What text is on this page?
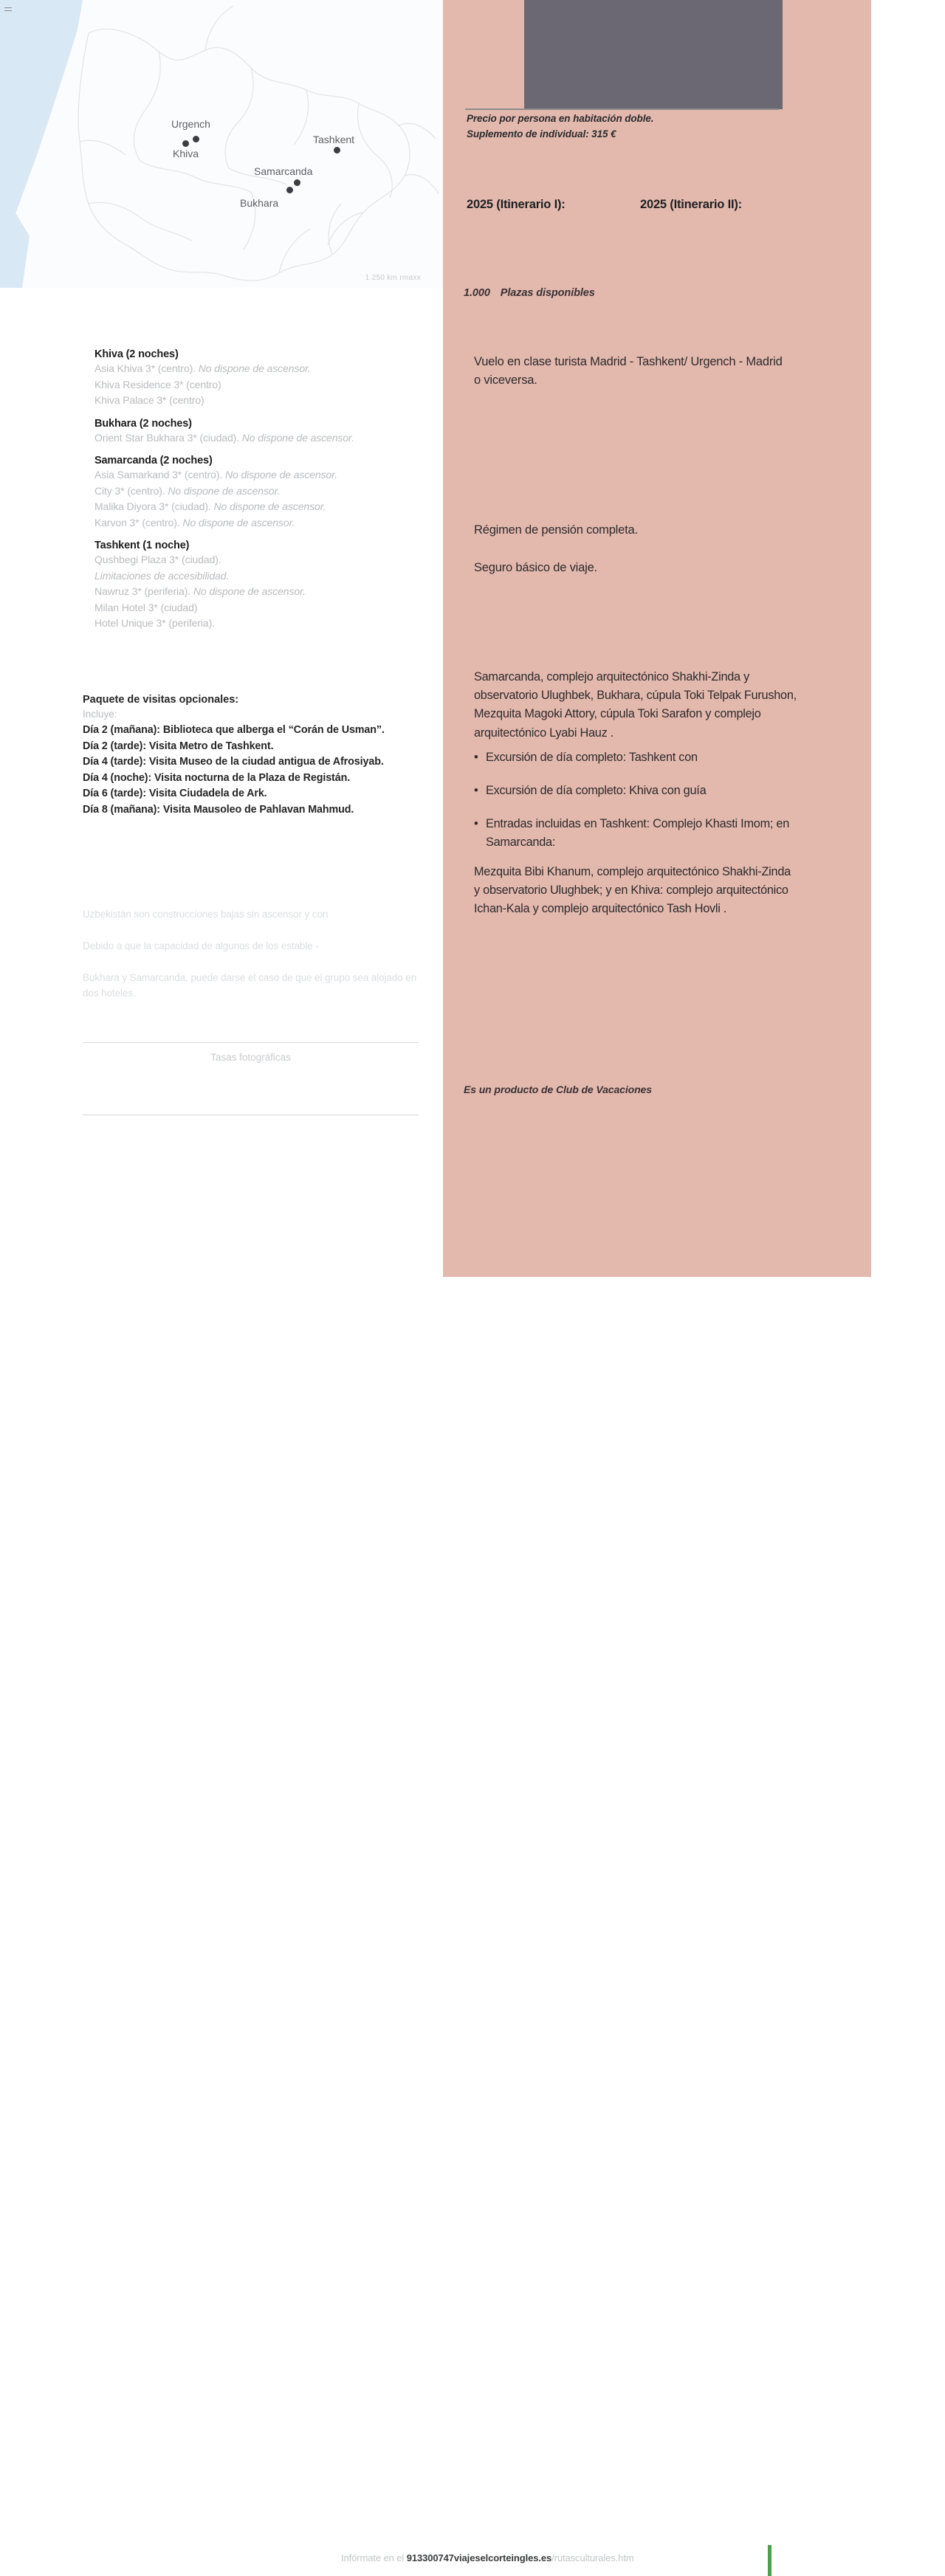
Urgench
Khiva
Tashkent
Samarcanda
Bukhara
1.250 km rmaxx
Khiva (2 noches)
Asia Khiva 3* (centro). No dispone de ascensor.
Khiva Residence 3* (centro)
Khiva Palace 3* (centro)
Bukhara (2 noches)
Orient Star Bukhara 3* (ciudad). No dispone de ascensor.
Samarcanda (2 noches)
Asia Samarkand 3* (centro). No dispone de ascensor.
City 3* (centro). No dispone de ascensor.
Malika Diyora 3* (ciudad). No dispone de ascensor.
Karvon 3* (centro). No dispone de ascensor.
Tashkent (1 noche)
Qushbegi Plaza 3* (ciudad).
Limitaciones de accesibilidad.
Nawruz 3* (periferia). No dispone de ascensor.
Milan Hotel 3* (ciudad)
Hotel Unique 3* (periferia).
Paquete de visitas opcionales:
Incluye:
Día 2 (mañana): Biblioteca que alberga el “Corán de Usman”.
Día 2 (tarde): Visita Metro de Tashkent.
Día 4 (tarde): Visita Museo de la ciudad antigua de Afrosiyab.
Día 4 (noche): Visita nocturna de la Plaza de Registán.
Día 6 (tarde): Visita Ciudadela de Ark.
Día 8 (mañana): Visita Mausoleo de Pahlavan Mahmud.
Uzbekistán son construcciones bajas sin ascensor y con
Debido a que la capacidad de algunos de los estable -
Bukhara y Samarcanda, puede darse el caso de que el grupo sea alojado en dos hoteles.
Tasas fotográficas
Precio por persona en habitación doble.
Suplemento de individual: 315 €
2025 (Itinerario I):	2025 (Itinerario II):
1.000 Plazas disponibles
Vuelo en clase turista Madrid - Tashkent/ Urgench - Madrid o viceversa.
Régimen de pensión completa.
Seguro básico de viaje.
Samarcanda, complejo arquitectónico Shakhi-Zinda y observatorio Ulughbek, Bukhara, cúpula Toki Telpak Furushon, Mezquita Magoki Attory, cúpula Toki Sarafon y complejo arquitectónico Lyabi Hauz .
• Excursión de día completo: Tashkent con
• Excursión de día completo: Khiva con guía
• Entradas incluidas en Tashkent: Complejo Khasti Imom; en Samarcanda:
Mezquita Bibi Khanum, complejo arquitectónico Shakhi-Zinda y observatorio Ulughbek; y en Khiva: complejo arquitectónico Ichan-Kala y complejo arquitectónico Tash Hovli .
Es un producto de Club de Vacaciones
Infórmate en el 913300747viajeselcorteingles.es/rutasculturales.htm
